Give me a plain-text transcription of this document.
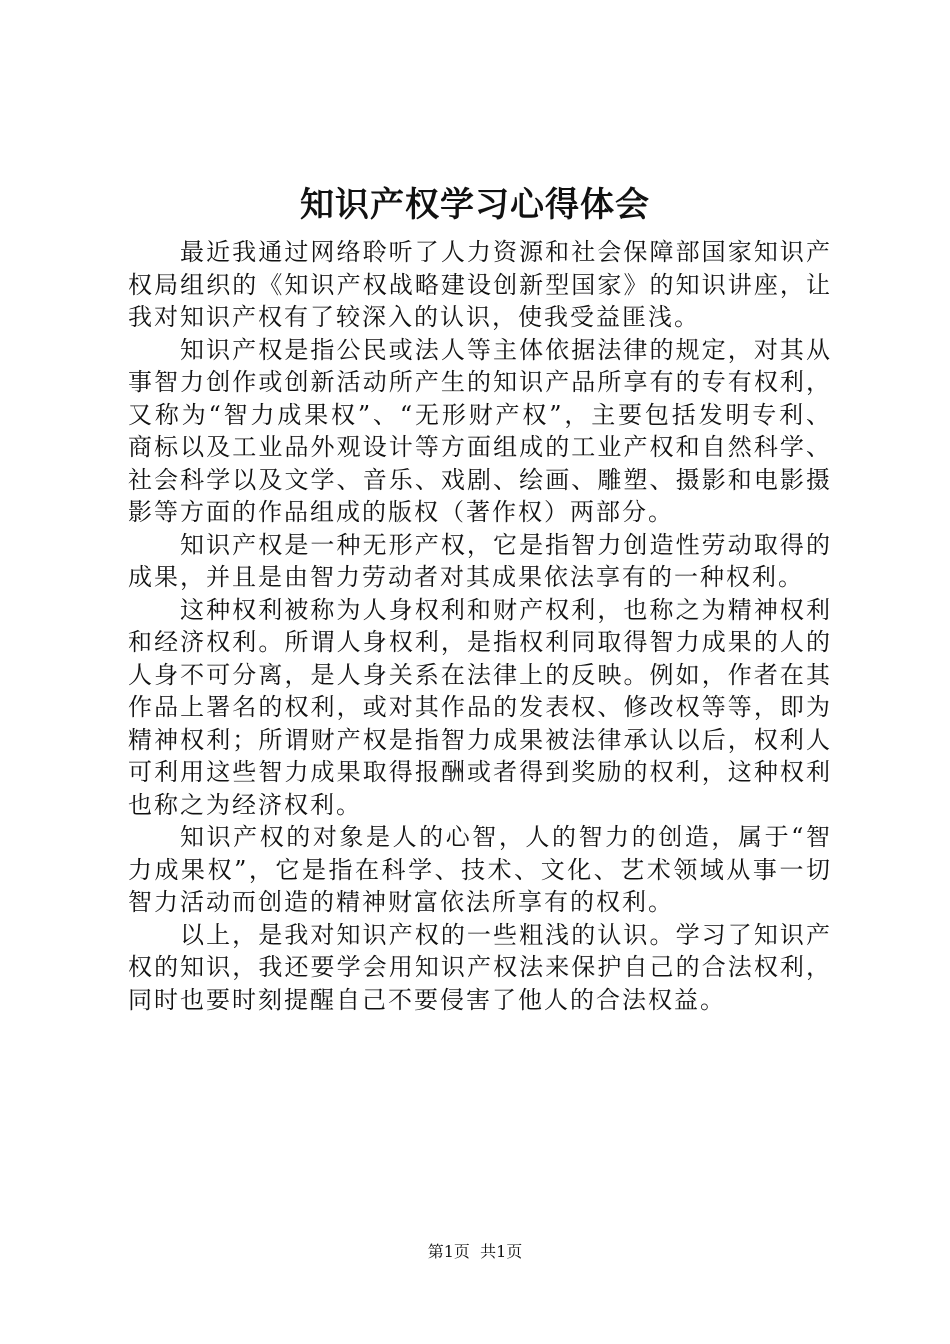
知识产权学习心得体会

最近我通过网络聆听了人力资源和社会保障部国家知识产权局组织的《知识产权战略建设创新型国家》的知识讲座，让我对知识产权有了较深入的认识，使我受益匪浅。

知识产权是指公民或法人等主体依据法律的规定，对其从事智力创作或创新活动所产生的知识产品所享有的专有权利，又称为“智力成果权”、“无形财产权”，主要包括发明专利、商标以及工业品外观设计等方面组成的工业产权和自然科学、社会科学以及文学、音乐、戏剧、绘画、雕塑、摄影和电影摄影等方面的作品组成的版权（著作权）两部分。

知识产权是一种无形产权，它是指智力创造性劳动取得的成果，并且是由智力劳动者对其成果依法享有的一种权利。

这种权利被称为人身权利和财产权利，也称之为精神权利和经济权利。所谓人身权利，是指权利同取得智力成果的人的人身不可分离，是人身关系在法律上的反映。例如，作者在其作品上署名的权利，或对其作品的发表权、修改权等等，即为精神权利；所谓财产权是指智力成果被法律承认以后，权利人可利用这些智力成果取得报酬或者得到奖励的权利，这种权利也称之为经济权利。

知识产权的对象是人的心智，人的智力的创造，属于“智力成果权”，它是指在科学、技术、文化、艺术领域从事一切智力活动而创造的精神财富依法所享有的权利。

以上，是我对知识产权的一些粗浅的认识。学习了知识产权的知识，我还要学会用知识产权法来保护自己的合法权利，同时也要时刻提醒自己不要侵害了他人的合法权益。

第1页 共1页
